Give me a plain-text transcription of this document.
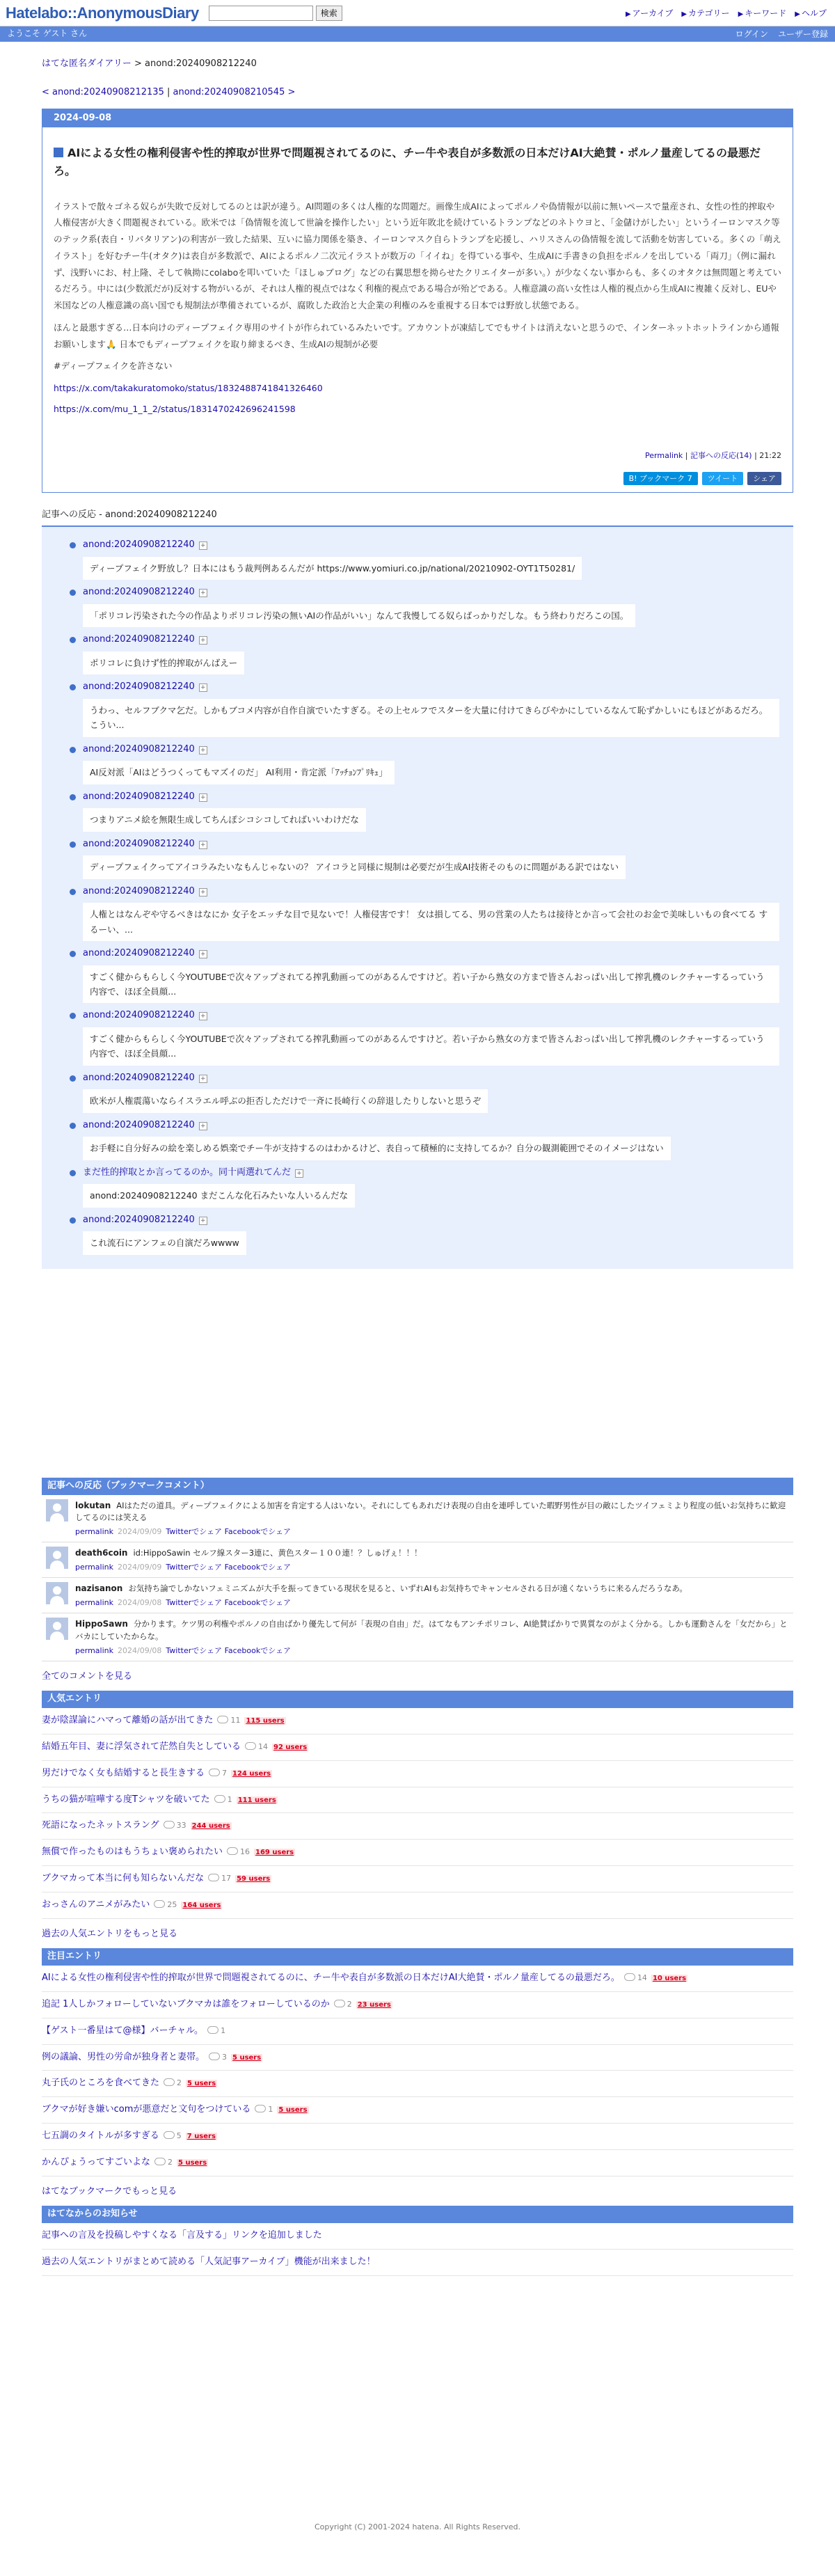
Hatelabo::AnonymousDiary	検索	▶ アーカイブ ▶ カテゴリー ▶ キーワード ▶ ヘルプ
ようこそ ゲスト さん	ログイン ユーザー登録
はてな匿名ダイアリー > anond:20240908212240
< anond:20240908212135 | anond:20240908210545 >
2024-09-08
AIによる女性の権利侵害や性的搾取が世界で問題視されてるのに、チー牛や表自が多数派の日本だけAI大絶賛・ポルノ量産してるの最悪だろ。

イラストで散々ゴネる奴らが失敗で反対してるのとは訳が違う。AI問題の多くは人権的な問題だ。画像生成AIによってポルノや偽情報が以前に無いペースで量産され、女性の性的搾取や人権侵害が大きく問題視されている。欧米では「偽情報を流して世論を操作したい」という近年敗北を続けているトランプなどのネトウヨと、「金儲けがしたい」というイーロンマスク等のテック系(表自・リバタリアン)の利害が一致した結果、互いに協力関係を築き、イーロンマスク自らトランプを応援し、ハリスさんの偽情報を流して活動を妨害している。多くの「萌えイラスト」を好むチー牛(オタク)は表自が多数派で、AIによるポルノ二次元イラストが数万の「イイね」を得ている事や、生成AIに手書きの負担をポルノを出している「両刀」（例に漏れず、浅野いにお、村上隆、そして執拗にcolaboを叩いていた「ほしゅブログ」などの右翼思想を拗らせたクリエイターが多い。）が少なくない事からも、多くのオタクは無問題と考えているだろう。中には(少数派だが)反対する物がいるが、それは人権的視点ではなく利権的視点である場合が殆どである。人権意識の高い女性は人権的視点から生成AIに複雑く反対し、EUや米国などの人権意識の高い国でも規制法が準備されているが、腐敗した政治と大企業の利権のみを重視する日本では野放し状態である。

ほんと最悪すぎる…日本向けのディープフェイク専用のサイトが作られているみたいです。アカウントが凍結してでもサイトは消えないと思うので、インターネットホットラインから通報お願いします🙏 日本でもディープフェイクを取り締まるべき、生成AIの規制が必要

#ディープフェイクを許さない

https://x.com/takakuratomoko/status/1832488741841326460

https://x.com/mu_1_1_2/status/1831470242696241598

Permalink | 記事への反応(14) | 21:22
B! ブックマーク 7	ツイート	シェア
記事への反応 - anond:20240908212240
anond:20240908212240 +
ディープフェイク野放し？日本にはもう裁判例あるんだが https://www.yomiuri.co.jp/national/20210902-OYT1T50281/
anond:20240908212240 +
「ポリコレ汚染された今の作品よりポリコレ汚染の無いAIの作品がいい」なんて我慢してる奴らばっかりだしな。もう終わりだろこの国。
anond:20240908212240 +
ポリコレに負けず性的搾取がんばえー
anond:20240908212240 +
うわっ、セルフブクマ乞だ。しかもブコメ内容が自作自演でいたすぎる。その上セルフでスターを大量に付けてきらびやかにしているなんて恥ずかしいにもほどがあるだろ。こうい...
anond:20240908212240 +
AI反対派「AIはどうつくってもマズイのだ」 AI利用・肯定派「ｱｯﾁｮﾝﾌﾟﾘｷｭ」
anond:20240908212240 +
つまりアニメ絵を無限生成してちんぽシコシコしてればいいわけだな
anond:20240908212240 +
ディープフェイクってアイコラみたいなもんじゃないの？ アイコラと同様に規制は必要だが生成AI技術そのものに問題がある訳ではない
anond:20240908212240 +
人権とはなんぞや守るべきはなにか 女子をエッチな目で見ないで！人権侵害です！ 女は損してる、男の営業の人たちは接待とか言って会社のお金で美味しいもの食べてる するーい、...
anond:20240908212240 +
すごく健からもらしく今YOUTUBEで次々アップされてる搾乳動画ってのがあるんですけど。若い子から熟女の方まで皆さんおっぱい出して搾乳機のレクチャーするっていう内容で、ほぼ全員顔...
anond:20240908212240 +
すごく健からもらしく今YOUTUBEで次々アップされてる搾乳動画ってのがあるんですけど。若い子から熟女の方まで皆さんおっぱい出して搾乳機のレクチャーするっていう内容で、ほぼ全員顔...
anond:20240908212240 +
欧米が人権震蕩いならイスラエル呼ぶの拒否しただけで一斉に長崎行くの辞退したりしないと思うぞ
anond:20240908212240 +
お手軽に自分好みの絵を楽しめる娯楽でチー牛が支持するのはわかるけど、表自って積極的に支持してるか？自分の観測範囲でそのイメージはない
まだ性的搾取とか言ってるのか。同十両選れてんだ +
anond:20240908212240 まだこんな化石みたいな人いるんだな
anond:20240908212240 +
これ流石にアンフェの自演だろwwww
記事への反応（ブックマークコメント）
lokutan AIはただの道具。ディープフェイクによる加害を肯定する人はいない。それにしてもあれだけ表現の自由を連呼していた暇野男性が目の敵にしたツイフェミより程度の低いお気持ちに歓迎してるのには笑える
permalink 2024/09/09 Twitterでシェア Facebookでシェア
death6coin id:HippoSawin セルフ線スター3連に、黄色スター１００連！？しゅげぇ！！！
permalink 2024/09/09 Twitterでシェア Facebookでシェア
nazisanon お気持ち論でしかないフェミニズムが大手を振ってきている現状を見ると、いずれAIもお気持ちでキャンセルされる日が遠くないうちに来るんだろうなあ。
permalink 2024/09/08 Twitterでシェア Facebookでシェア
HippoSawn 分かります。ケツ男の利権やポルノの自由ばかり優先して何が「表現の自由」だ。はてなもアンチポリコレ、AI絶賛ばかりで異質なのがよく分かる。しかも運動さんを「女だから」とバカにしていたからな。
permalink 2024/09/08 Twitterでシェア Facebookでシェア
全てのコメントを見る
人気エントリ
妻が陰謀論にハマって離婚の話が出てきた 11 115 users
結婚五年目、妻に浮気されて茫然自失としている 14 92 users
男だけでなく女も結婚すると長生きする 7 124 users
うちの猫が喧嘩する度Tシャツを破いてた 1 111 users
死語になったネットスラング 33 244 users
無償で作ったものはもうちょい褒められたい 16 169 users
ブクマカって本当に何も知らないんだな 17 59 users
おっさんのアニメがみたい 25 164 users
過去の人気エントリをもっと見る
注目エントリ
AIによる女性の権利侵害や性的搾取が世界で問題視されてるのに、チー牛や表自が多数派の日本だけAI大絶賛・ポルノ量産してるの最悪だろ。 14 10 users
追記 1人しかフォローしていないブクマカは誰をフォローしているのか 2 23 users
【ゲスト一番星はて@様】バーチャル。 1
例の議論、男性の労命が独身者と妻帯。 3 5 users
丸子氏のところを食べてきた 2 5 users
ブクマが好き嫌いcomが悪意だと文句をつけている 1 5 users
七五調のタイトルが多すぎる 5 7 users
かんぴょうってすごいよな 2 5 users
はてなブックマークでもっと見る
はてなからのお知らせ
記事への言及を投稿しやすくなる「言及する」リンクを追加しました
過去の人気エントリがまとめて読める「人気記事アーカイブ」機能が出来ました！
Copyright (C) 2001-2024 hatena. All Rights Reserved.
